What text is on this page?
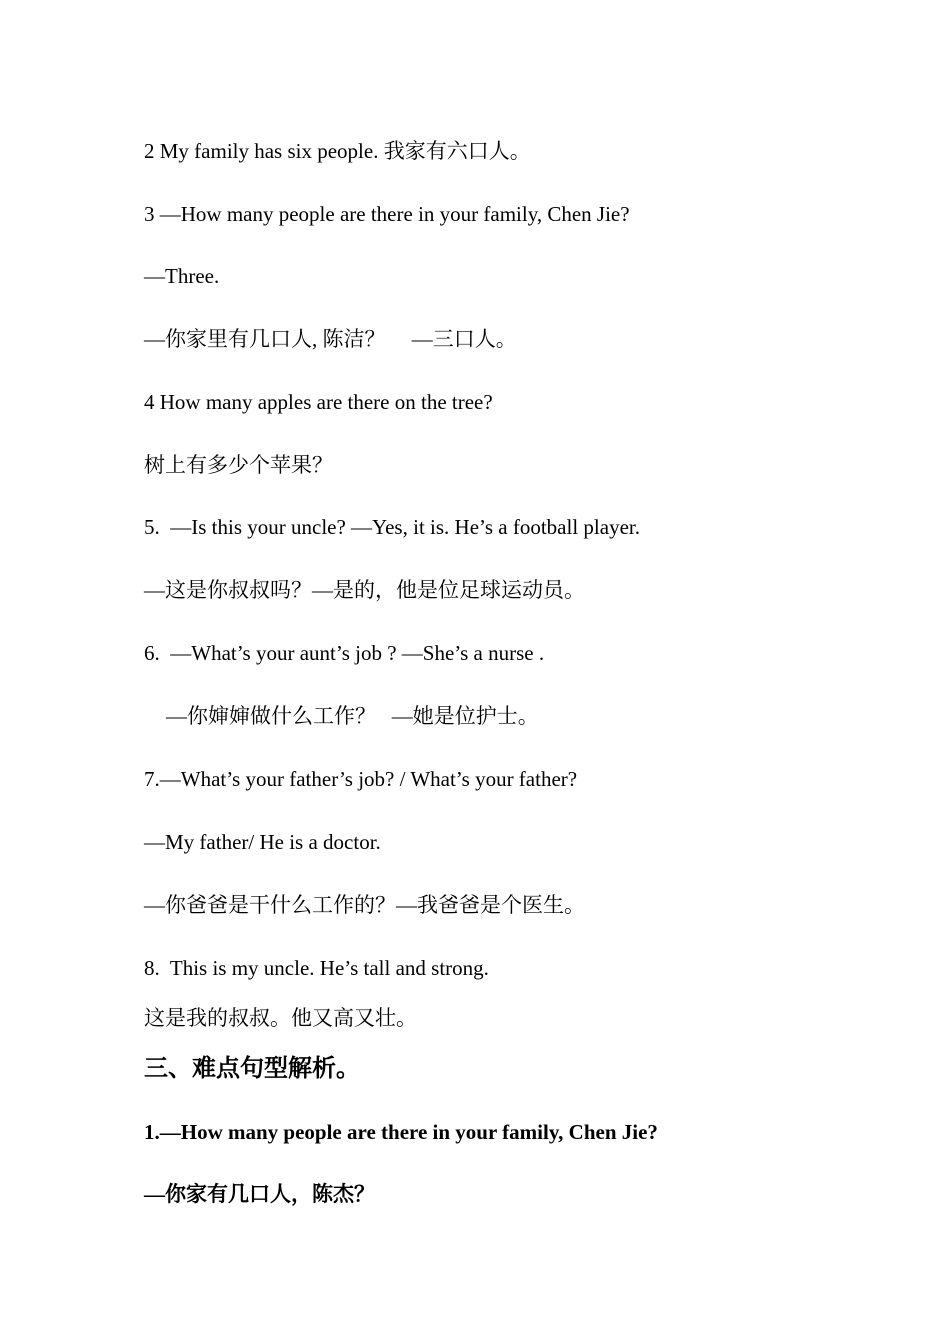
2 My family has six people. 我家有六口人。
3 —How many people are there in your family, Chen Jie?
—Three.
—你家里有几口人, 陈洁？     —三口人。
4 How many apples are there on the tree?
树上有多少个苹果？
5.  —Is this your uncle? —Yes, it is. He’s a football player.
—这是你叔叔吗？—是的，他是位足球运动员。
6.  —What’s your aunt’s job ? —She’s a nurse .
—你婶婶做什么工作？   —她是位护士。
7.—What’s your father’s job? / What’s your father?
—My father/ He is a doctor.
—你爸爸是干什么工作的？—我爸爸是个医生。
8.  This is my uncle. He’s tall and strong.
这是我的叔叔。他又高又壮。
三、难点句型解析。
1.—How many people are there in your family, Chen Jie?
—你家有几口人，陈杰？
